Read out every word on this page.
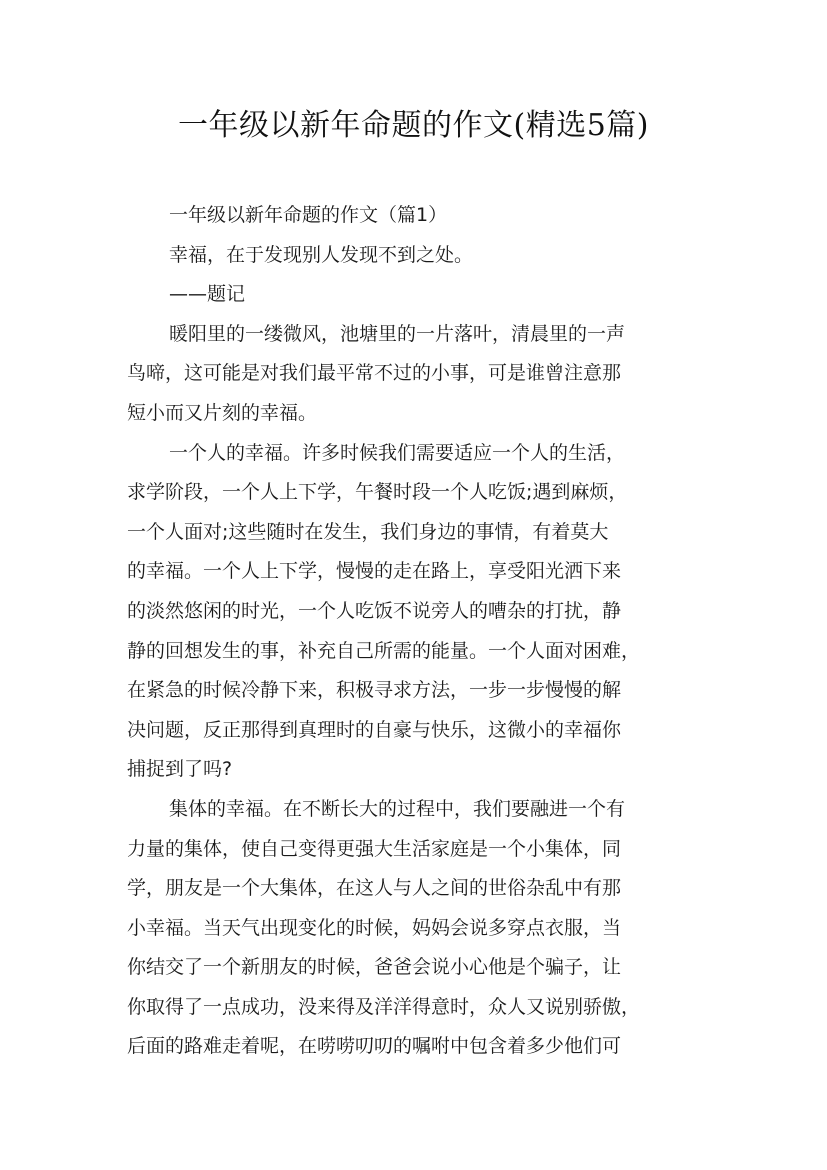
一年级以新年命题的作文(精选5篇)
一年级以新年命题的作文（篇1）
幸福，在于发现别人发现不到之处。
——题记
暖阳里的一缕微风，池塘里的一片落叶，清晨里的一声
鸟啼，这可能是对我们最平常不过的小事，可是谁曾注意那
短小而又片刻的幸福。
一个人的幸福。许多时候我们需要适应一个人的生活，
求学阶段，一个人上下学，午餐时段一个人吃饭;遇到麻烦，
一个人面对;这些随时在发生，我们身边的事情，有着莫大
的幸福。一个人上下学，慢慢的走在路上，享受阳光洒下来
的淡然悠闲的时光，一个人吃饭不说旁人的嘈杂的打扰，静
静的回想发生的事，补充自己所需的能量。一个人面对困难，
在紧急的时候冷静下来，积极寻求方法，一步一步慢慢的解
决问题，反正那得到真理时的自豪与快乐，这微小的幸福你
捕捉到了吗?
集体的幸福。在不断长大的过程中，我们要融进一个有
力量的集体，使自己变得更强大生活家庭是一个小集体，同
学，朋友是一个大集体，在这人与人之间的世俗杂乱中有那
小幸福。当天气出现变化的时候，妈妈会说多穿点衣服，当
你结交了一个新朋友的时候，爸爸会说小心他是个骗子，让
你取得了一点成功，没来得及洋洋得意时，众人又说别骄傲，
后面的路难走着呢，在唠唠叨叨的嘱咐中包含着多少他们可
